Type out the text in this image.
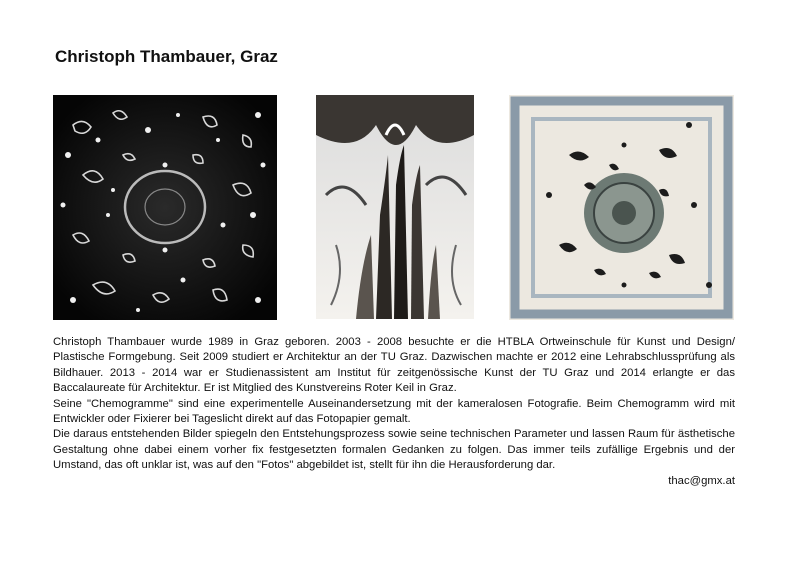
Christoph Thambauer, Graz

Christoph Thambauer wurde 1989 in Graz geboren. 2003 - 2008 besuchte er die HTBLA Ortweinschule für Kunst und Design/ Plastische Formgebung. Seit 2009 studiert er Architektur an der TU Graz. Dazwischen machte er 2012 eine Lehrabschlussprüfung als Bildhauer. 2013 - 2014 war er Studienassistent am Institut für zeitgenössische Kunst der TU Graz und 2014 erlangte er das Baccalaureate für Architektur. Er ist Mitglied des Kunstvereins Roter Keil in Graz.

Seine "Chemogramme" sind eine experimentelle Auseinandersetzung mit der kameralosen Fotografie. Beim Chemogramm wird mit Entwickler oder Fixierer bei Tageslicht direkt auf das Fotopapier gemalt.

Die daraus entstehenden Bilder spiegeln den Entstehungsprozess sowie seine technischen Parameter und lassen Raum für ästhetische Gestaltung ohne dabei einem vorher fix festgesetzten formalen Gedanken zu folgen. Das immer teils zufällige Ergebnis und der Umstand, das oft unklar ist, was auf den "Fotos" abgebildet ist, stellt für ihn die Herausforderung dar.

thac@gmx.at
